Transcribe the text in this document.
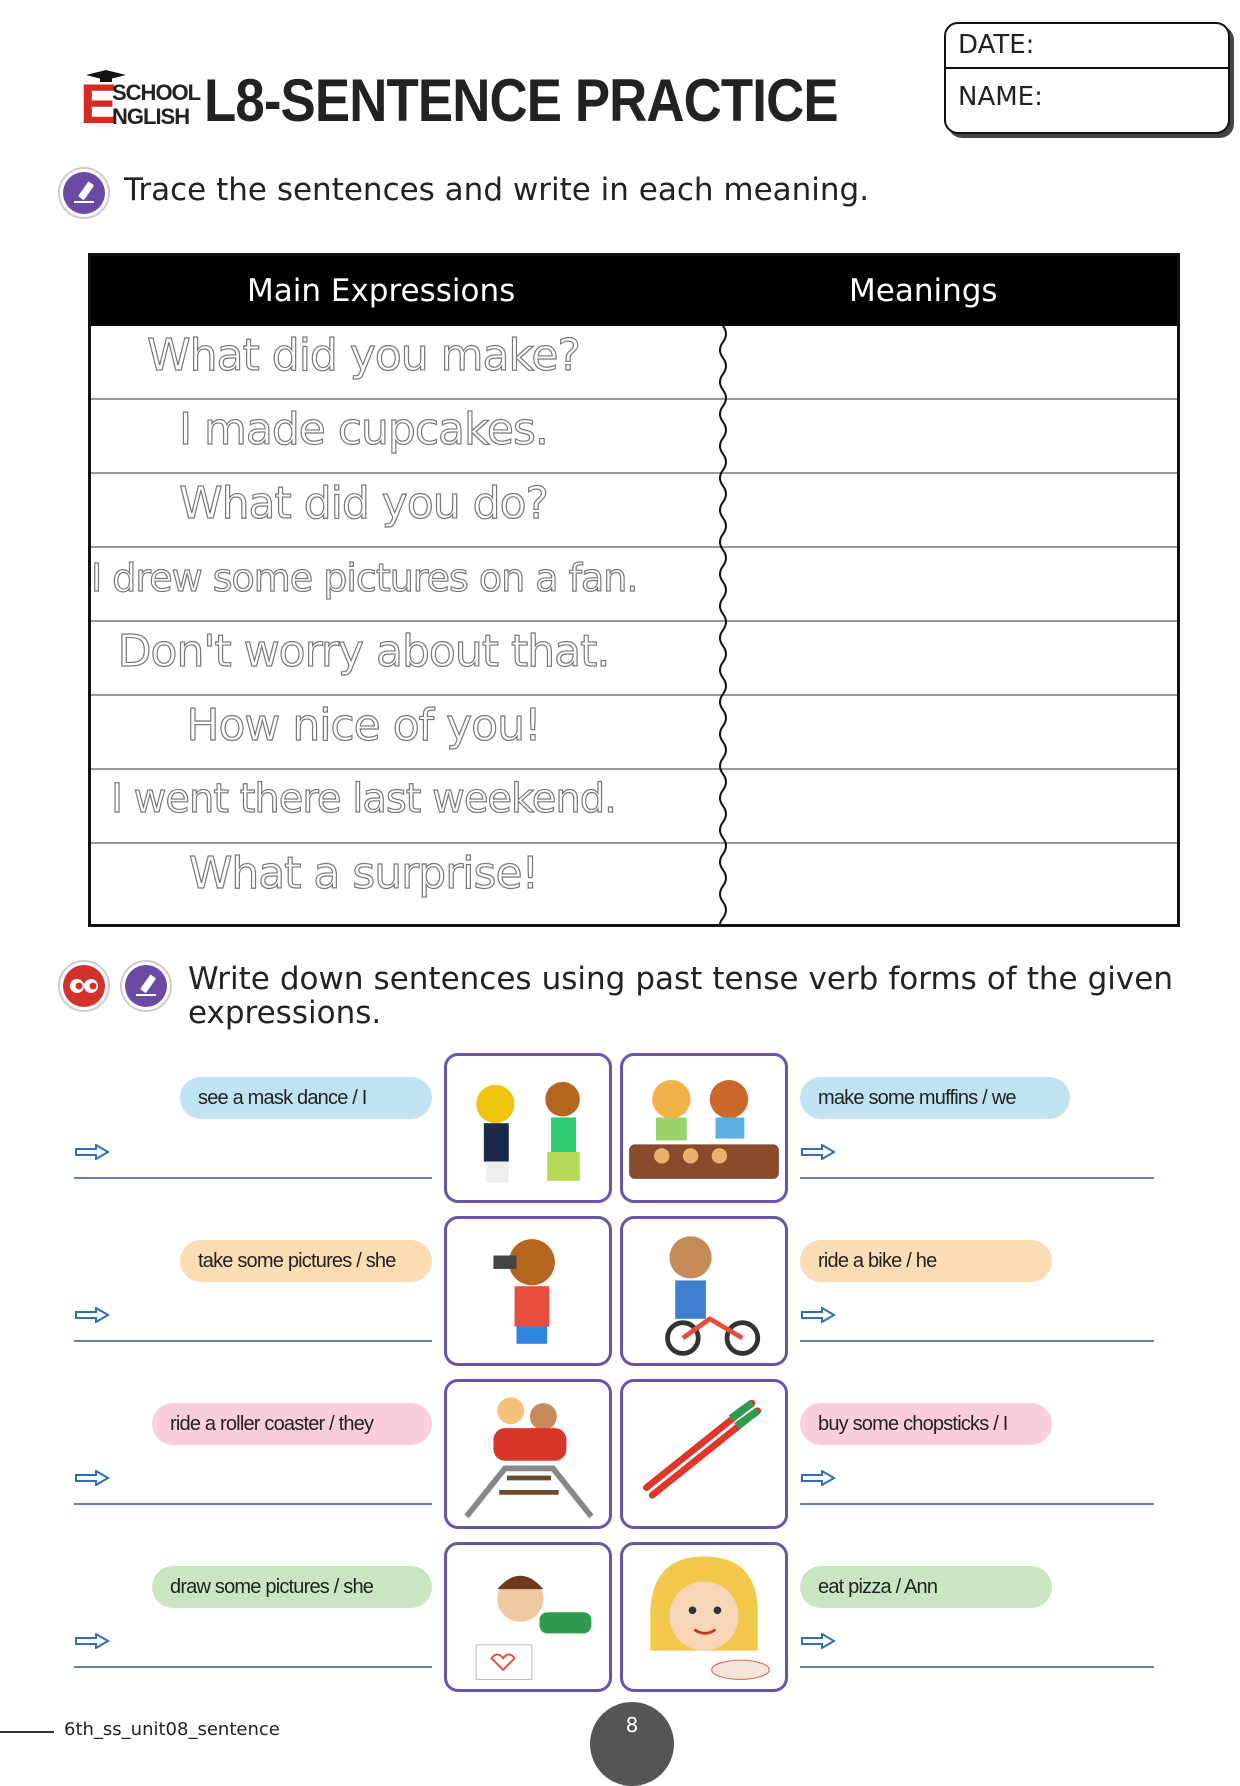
E
SCHOOL
NGLISH L8-SENTENCE PRACTICE
DATE:
NAME:
Trace the sentences and write in each meaning.
Main Expressions	Meanings
What did you make?
I made cupcakes.
What did you do?
I drew some pictures on a fan.
Don't worry about that.
How nice of you!
I went there last weekend.
What a surprise!
Write down sentences using past tense verb forms of the given
expressions.
see a mask dance / I	make some muffins / we
take some pictures / she	ride a bike / he
ride a roller coaster / they	buy some chopsticks / I
draw some pictures / she	eat pizza / Ann
6th_ss_unit08_sentence	8
